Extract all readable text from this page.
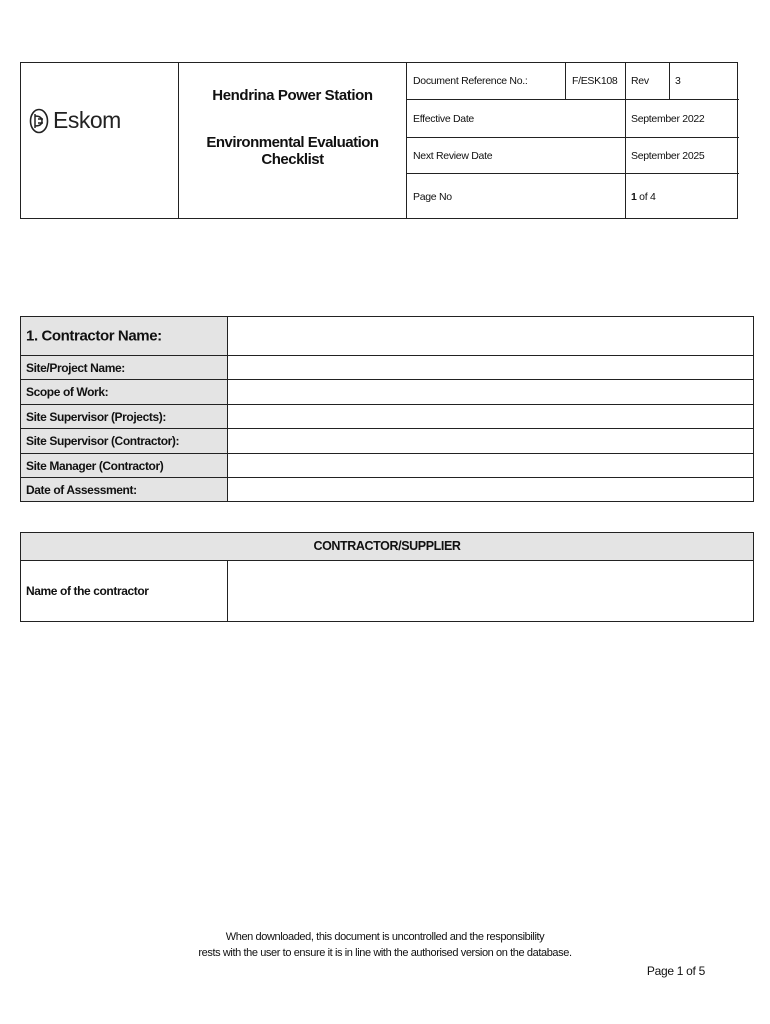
Eskom
Hendrina Power Station
Environmental Evaluation Checklist
Document Reference No.:	F/ESK108 Rev 3
Effective Date	September 2022
Next Review Date	September 2025
Page No	1 of 4
1. Contractor Name:
Site/Project Name:
Scope of Work:
Site Supervisor (Projects):
Site Supervisor (Contractor):
Site Manager (Contractor)
Date of Assessment:
CONTRACTOR/SUPPLIER
Name of the contractor
When downloaded, this document is uncontrolled and the responsibility
rests with the user to ensure it is in line with the authorised version on the database.
Page 1 of 5
